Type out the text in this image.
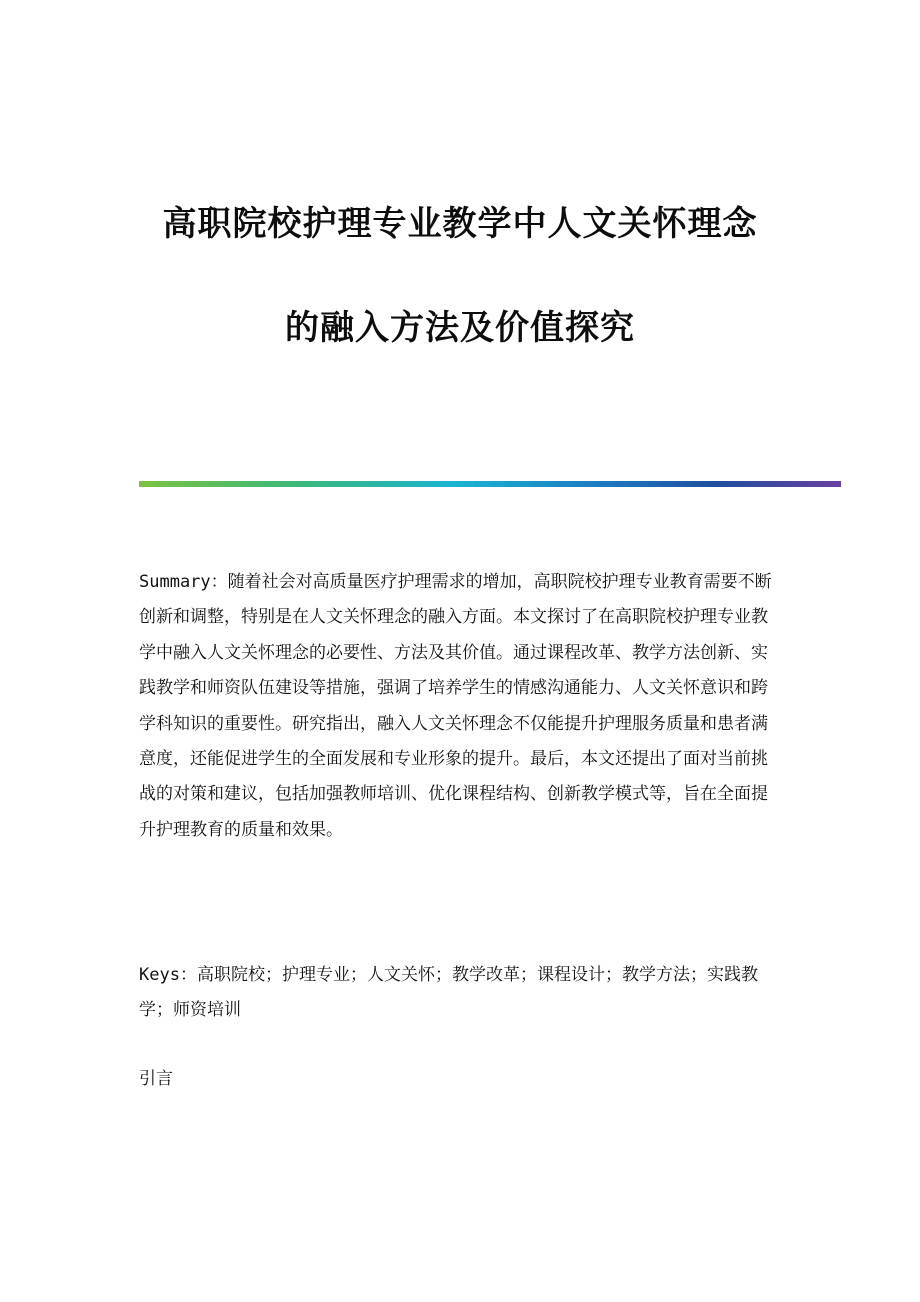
高职院校护理专业教学中人文关怀理念
的融入方法及价值探究
Summary：随着社会对高质量医疗护理需求的增加，高职院校护理专业教育需要不断创新和调整，特别是在人文关怀理念的融入方面。本文探讨了在高职院校护理专业教学中融入人文关怀理念的必要性、方法及其价值。通过课程改革、教学方法创新、实践教学和师资队伍建设等措施，强调了培养学生的情感沟通能力、人文关怀意识和跨学科知识的重要性。研究指出，融入人文关怀理念不仅能提升护理服务质量和患者满意度，还能促进学生的全面发展和专业形象的提升。最后，本文还提出了面对当前挑战的对策和建议，包括加强教师培训、优化课程结构、创新教学模式等，旨在全面提升护理教育的质量和效果。
Keys：高职院校；护理专业；人文关怀；教学改革；课程设计；教学方法；实践教学；师资培训
引言
